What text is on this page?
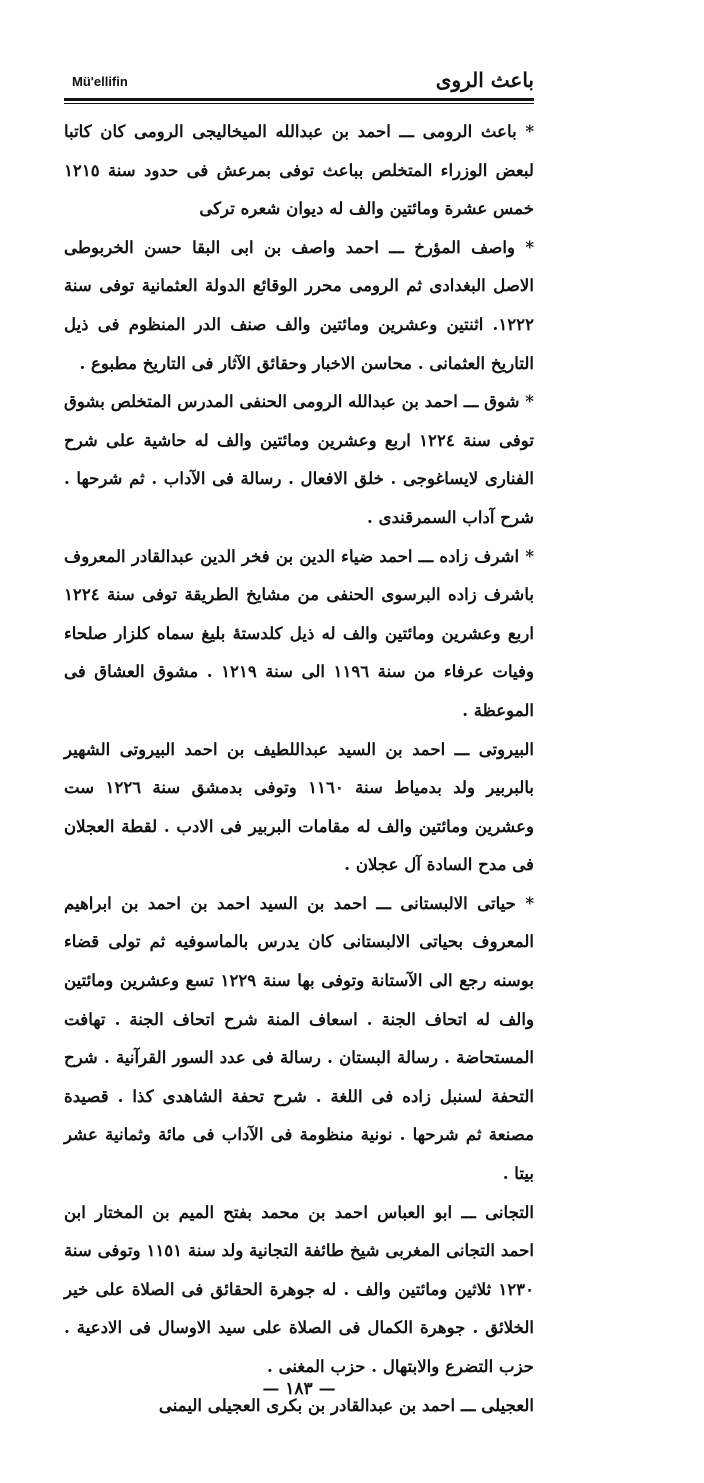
باعث الروى
Mü'ellifin

* باعث الرومى ـــ احمد بن عبدالله الميخاليجى الرومى كان كاتبا لبعض الوزراء المتخلص بباعث توفى بمرعش فى حدود سنة ١٢١٥ خمس عشرة ومائتين والف له ديوان شعره تركى

* واصف المؤرخ ـــ احمد واصف بن ابى البقا حسن الخربوطى الاصل البغدادى ثم الرومى محرر الوقائع الدولة العثمانية توفى سنة ١٢٢٢. اثنتين وعشرين ومائتين والف صنف الدر المنظوم فى ذيل التاريخ العثمانى . محاسن الاخبار وحقائق الآثار فى التاريخ مطبوع .

* شوق ـــ احمد بن عبدالله الرومى الحنفى المدرس المتخلص بشوق توفى سنة ١٢٢٤ اربع وعشرين ومائتين والف له حاشية على شرح الفنارى لايساغوجى . خلق الافعال . رسالة فى الآداب . ثم شرحها . شرح آداب السمرقندى .

* اشرف زاده ـــ احمد ضياء الدين بن فخر الدين عبدالقادر المعروف باشرف زاده البرسوى الحنفى من مشايخ الطريقة توفى سنة ١٢٢٤ اربع وعشرين ومائتين والف له ذيل كلدستهٔ بليغ سماه كلزار صلحاء وفيات عرفاء من سنة ١١٩٦ الى سنة ١٢١٩ . مشوق العشاق فى الموعظة .

البيروتى ـــ احمد بن السيد عبداللطيف بن احمد البيروتى الشهير بالبربير ولد بدمياط سنة ١١٦٠ وتوفى بدمشق سنة ١٢٢٦ ست وعشرين ومائتين والف له مقامات البربير فى الادب . لقطة العجلان فى مدح السادة آل عجلان .

* حياتى الالبستانى ـــ احمد بن السيد احمد بن احمد بن ابراهيم المعروف بحياتى الالبستانى كان يدرس بالماسوفيه ثم تولى قضاء بوسنه رجع الى الآستانة وتوفى بها سنة ١٢٢٩ تسع وعشرين ومائتين والف له اتحاف الجنة . اسعاف المنة شرح اتحاف الجنة . تهافت المستحاضة . رسالة البستان . رسالة فى عدد السور القرآنية . شرح التحفة لسنبل زاده فى اللغة . شرح تحفة الشاهدى كذا . قصيدة مصنعة ثم شرحها . نونية منظومة فى الآداب فى مائة وثمانية عشر بيتا .

التجانى ـــ ابو العباس احمد بن محمد بفتح الميم بن المختار ابن احمد التجانى المغربى شيخ طائفة التجانية ولد سنة ١١٥١ وتوفى سنة ١٢٣٠ ثلاثين ومائتين والف . له جوهرة الحقائق فى الصلاة على خير الخلائق . جوهرة الكمال فى الصلاة على سيد الاوسال فى الادعية . حزب التضرع والابتهال . حزب المغنى .

العجيلى ـــ احمد بن عبدالقادر بن بكرى العجيلى اليمنى

— ١٨٣ —
